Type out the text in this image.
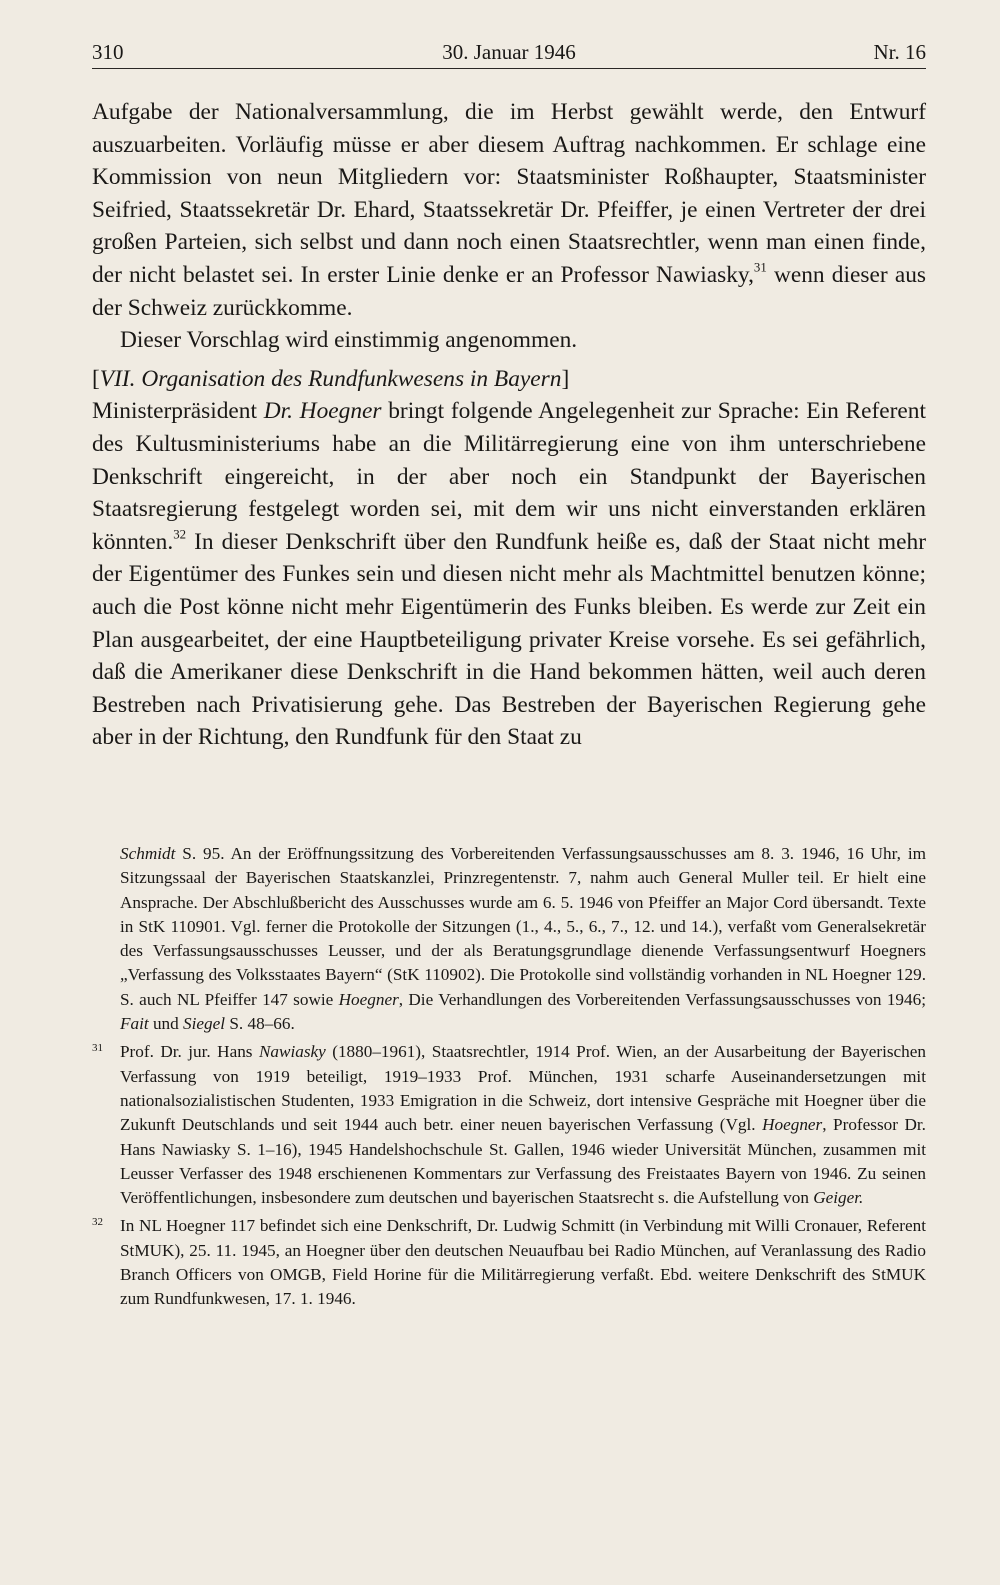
310	30. Januar 1946	Nr. 16

Aufgabe der Nationalversammlung, die im Herbst gewählt werde, den Entwurf auszuarbeiten. Vorläufig müsse er aber diesem Auftrag nachkommen. Er schlage eine Kommission von neun Mitgliedern vor: Staatsminister Roßhaupter, Staatsminister Seifried, Staatssekretär Dr. Ehard, Staatssekretär Dr. Pfeiffer, je einen Vertreter der drei großen Parteien, sich selbst und dann noch einen Staatsrechtler, wenn man einen finde, der nicht belastet sei. In erster Linie denke er an Professor Nawiasky,$^{31}$ wenn dieser aus der Schweiz zurückkomme.

Dieser Vorschlag wird einstimmig angenommen.

[VII. Organisation des Rundfunkwesens in Bayern]

Ministerpräsident Dr. Hoegner bringt folgende Angelegenheit zur Sprache: Ein Referent des Kultusministeriums habe an die Militärregierung eine von ihm unterschriebene Denkschrift eingereicht, in der aber noch ein Standpunkt der Bayerischen Staatsregierung festgelegt worden sei, mit dem wir uns nicht einverstanden erklären könnten.$^{32}$ In dieser Denkschrift über den Rundfunk heiße es, daß der Staat nicht mehr der Eigentümer des Funkes sein und diesen nicht mehr als Machtmittel benutzen könne; auch die Post könne nicht mehr Eigentümerin des Funks bleiben. Es werde zur Zeit ein Plan ausgearbeitet, der eine Hauptbeteiligung privater Kreise vorsehe. Es sei gefährlich, daß die Amerikaner diese Denkschrift in die Hand bekommen hätten, weil auch deren Bestreben nach Privatisierung gehe. Das Bestreben der Bayerischen Regierung gehe aber in der Richtung, den Rundfunk für den Staat zu

Schmidt S. 95. An der Eröffnungssitzung des Vorbereitenden Verfassungsausschusses am 8. 3. 1946, 16 Uhr, im Sitzungssaal der Bayerischen Staatskanzlei, Prinzregentenstr. 7, nahm auch General Muller teil. Er hielt eine Ansprache. Der Abschlußbericht des Ausschusses wurde am 6. 5. 1946 von Pfeiffer an Major Cord übersandt. Texte in StK 110901. Vgl. ferner die Protokolle der Sitzungen (1., 4., 5., 6., 7., 12. und 14.), verfaßt vom Generalsekretär des Verfassungsausschusses Leusser, und der als Beratungsgrundlage dienende Verfassungsentwurf Hoegners „Verfassung des Volksstaates Bayern“ (StK 110902). Die Protokolle sind vollständig vorhanden in NL Hoegner 129. S. auch NL Pfeiffer 147 sowie Hoegner, Die Verhandlungen des Vorbereitenden Verfassungsausschusses von 1946; Fait und Siegel S. 48–66.
31 Prof. Dr. jur. Hans Nawiasky (1880–1961), Staatsrechtler, 1914 Prof. Wien, an der Ausarbeitung der Bayerischen Verfassung von 1919 beteiligt, 1919–1933 Prof. München, 1931 scharfe Auseinandersetzungen mit nationalsozialistischen Studenten, 1933 Emigration in die Schweiz, dort intensive Gespräche mit Hoegner über die Zukunft Deutschlands und seit 1944 auch betr. einer neuen bayerischen Verfassung (Vgl. Hoegner, Professor Dr. Hans Nawiasky S. 1–16), 1945 Handelshochschule St. Gallen, 1946 wieder Universität München, zusammen mit Leusser Verfasser des 1948 erschienenen Kommentars zur Verfassung des Freistaates Bayern von 1946. Zu seinen Veröffentlichungen, insbesondere zum deutschen und bayerischen Staatsrecht s. die Aufstellung von Geiger.
32 In NL Hoegner 117 befindet sich eine Denkschrift, Dr. Ludwig Schmitt (in Verbindung mit Willi Cronauer, Referent StMUK), 25. 11. 1945, an Hoegner über den deutschen Neuaufbau bei Radio München, auf Veranlassung des Radio Branch Officers von OMGB, Field Horine für die Militärregierung verfaßt. Ebd. weitere Denkschrift des StMUK zum Rundfunkwesen, 17. 1. 1946.
